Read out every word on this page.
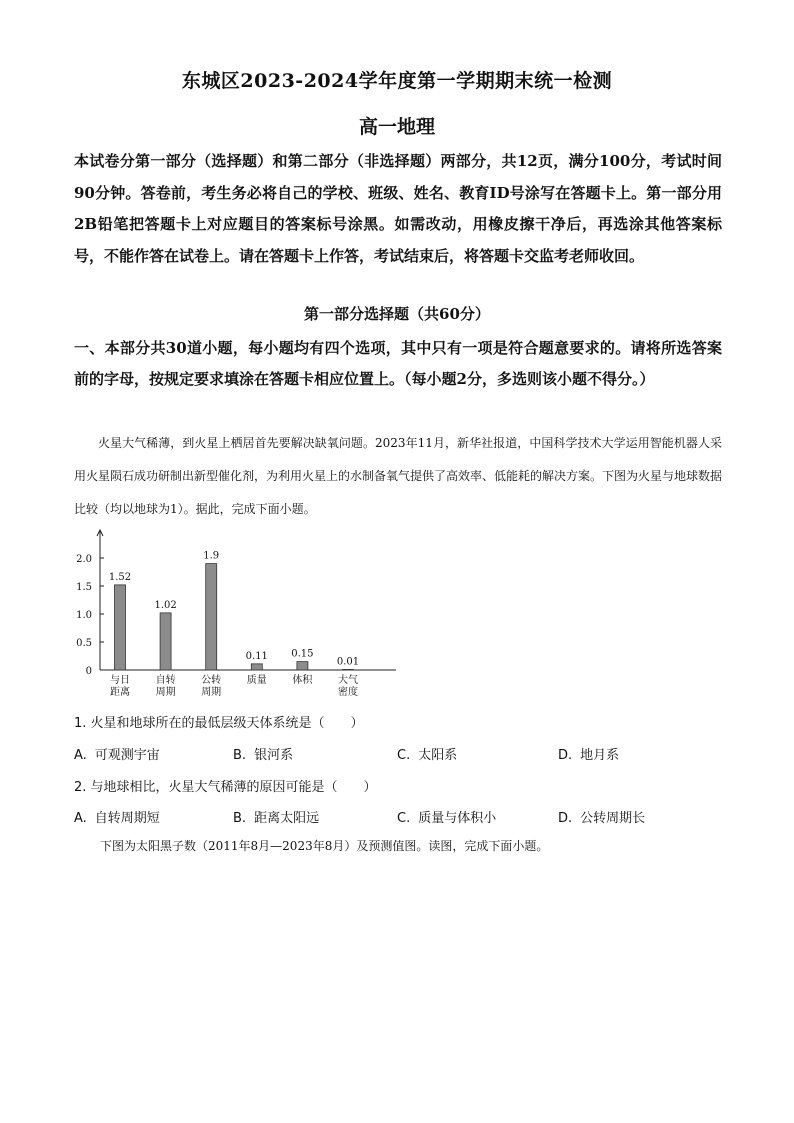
东城区2023-2024学年度第一学期期末统一检测
高一地理
本试卷分第一部分（选择题）和第二部分（非选择题）两部分，共12页，满分100分，考试时间90分钟。答卷前，考生务必将自己的学校、班级、姓名、教育ID号涂写在答题卡上。第一部分用2B铅笔把答题卡上对应题目的答案标号涂黑。如需改动，用橡皮擦干净后，再选涂其他答案标号，不能作答在试卷上。请在答题卡上作答，考试结束后，将答题卡交监考老师收回。
第一部分选择题（共60分）
一、本部分共30道小题，每小题均有四个选项，其中只有一项是符合题意要求的。请将所选答案前的字母，按规定要求填涂在答题卡相应位置上。（每小题2分，多选则该小题不得分。）
火星大气稀薄，到火星上栖居首先要解决缺氧问题。2023年11月，新华社报道，中国科学技术大学运用智能机器人采用火星陨石成功研制出新型催化剂，为利用火星上的水制备氧气提供了高效率、低能耗的解决方案。下图为火星与地球数据比较（均以地球为1）。据此，完成下面小题。
0
0.5
1.0
1.5
2.0
1.52
与日
距离
1.02
自转
周期
1.9
公转
周期
0.11
质量
0.15
体积
0.01
大气
密度
1. 火星和地球所在的最低层级天体系统是（　　）
A. 可观测宇宙	B. 银河系	C. 太阳系	D. 地月系
2. 与地球相比，火星大气稀薄的原因可能是（　　）
A. 自转周期短	B. 距离太阳远	C. 质量与体积小	D. 公转周期长
下图为太阳黑子数（2011年8月—2023年8月）及预测值图。读图，完成下面小题。
